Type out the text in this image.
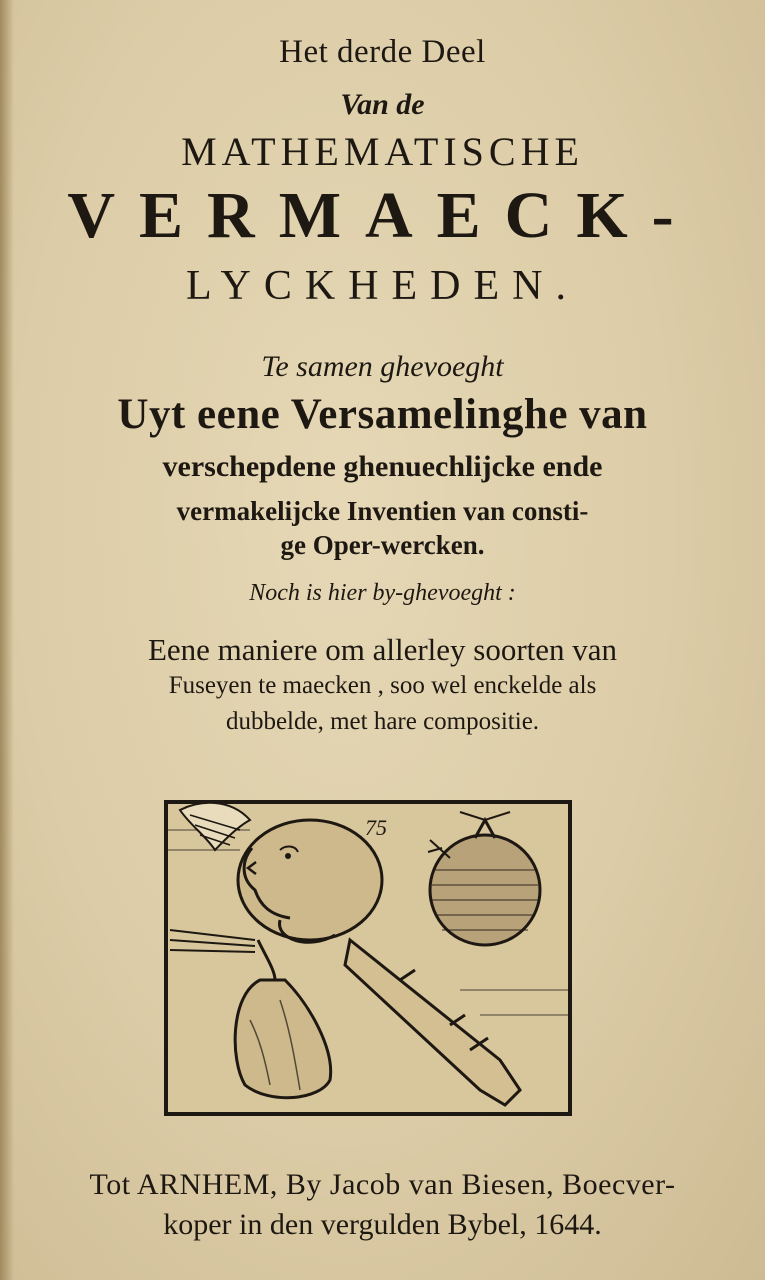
Het derde Deel
Van de
MATHEMATISCHE
VERMAECK-
LYCKHEDEN.
Te samen ghevoeght
Uyt eene Versamelinghe van
verschepdene ghenuechlijcke ende
vermakelijcke Inventien van consti-
ge Oper-wercken.
Noch is hier by-ghevoeght :
Eene maniere om allerley soorten van
Fuseyen te maecken , soo wel enckelde als
dubbelde, met hare compositie.
75
Tot ARNHEM, By Jacob van Biesen, Boecver-
koper in den vergulden Bybel, 1644.
